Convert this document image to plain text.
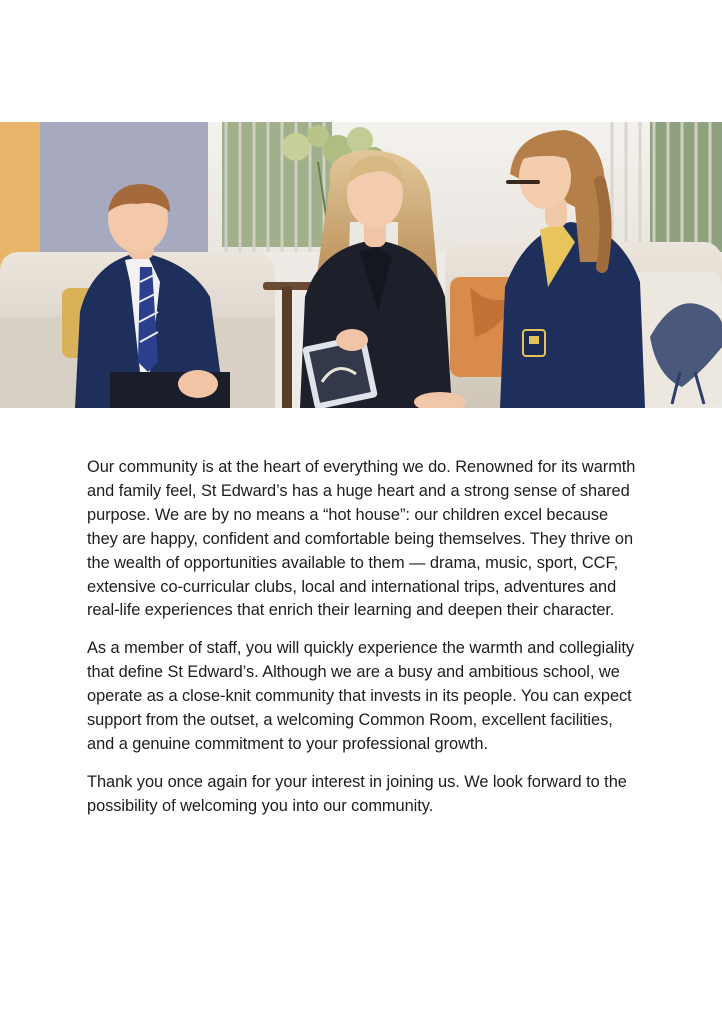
Our community is at the heart of everything we do. Renowned for its warmth and family feel, St Edward’s has a huge heart and a strong sense of shared purpose. We are by no means a “hot house”: our children excel because they are happy, confident and comfortable being themselves. They thrive on the wealth of opportunities available to them — drama, music, sport, CCF, extensive co-curricular clubs, local and international trips, adventures and real-life experiences that enrich their learning and deepen their character.

As a member of staff, you will quickly experience the warmth and collegiality that define St Edward’s. Although we are a busy and ambitious school, we operate as a close-knit community that invests in its people. You can expect support from the outset, a welcoming Common Room, excellent facilities, and a genuine commitment to your professional growth.

Thank you once again for your interest in joining us. We look forward to the possibility of welcoming you into our community.
